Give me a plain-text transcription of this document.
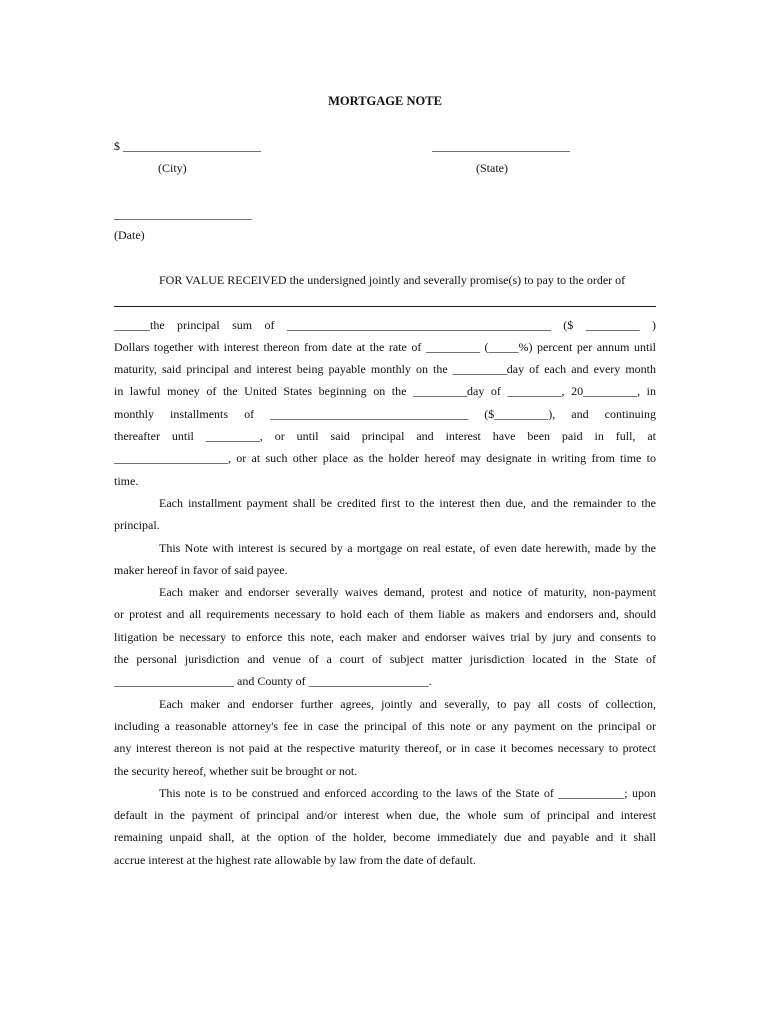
MORTGAGE NOTE
$ _______________________	_______________________
(City)	(State)
_______________________
(Date)

FOR VALUE RECEIVED the undersigned jointly and severally promise(s) to pay to the order of

______the principal sum of ____________________________________________ ($ _________ )

Dollars together with interest thereon from date at the rate of _________ (_____%) percent per annum until

maturity, said principal and interest being payable monthly on the _________day of each and every month

in lawful money of the United States beginning on the _________day of _________, 20_________, in

monthly installments of _________________________________ ($_________), and continuing

thereafter until _________, or until said principal and interest have been paid in full, at

___________________, or at such other place as the holder hereof may designate in writing from time to

time.

Each installment payment shall be credited first to the interest then due, and the remainder to the

principal.

This Note with interest is secured by a mortgage on real estate, of even date herewith, made by the

maker hereof in favor of said payee.

Each maker and endorser severally waives demand, protest and notice of maturity, non-payment

or protest and all requirements necessary to hold each of them liable as makers and endorsers and, should

litigation be necessary to enforce this note, each maker and endorser waives trial by jury and consents to

the personal jurisdiction and venue of a court of subject matter jurisdiction located in the State of

____________________ and County of ____________________.

Each maker and endorser further agrees, jointly and severally, to pay all costs of collection,

including a reasonable attorney's fee in case the principal of this note or any payment on the principal or

any interest thereon is not paid at the respective maturity thereof, or in case it becomes necessary to protect

the security hereof, whether suit be brought or not.

This note is to be construed and enforced according to the laws of the State of ___________; upon

default in the payment of principal and/or interest when due, the whole sum of principal and interest

remaining unpaid shall, at the option of the holder, become immediately due and payable and it shall

accrue interest at the highest rate allowable by law from the date of default.
